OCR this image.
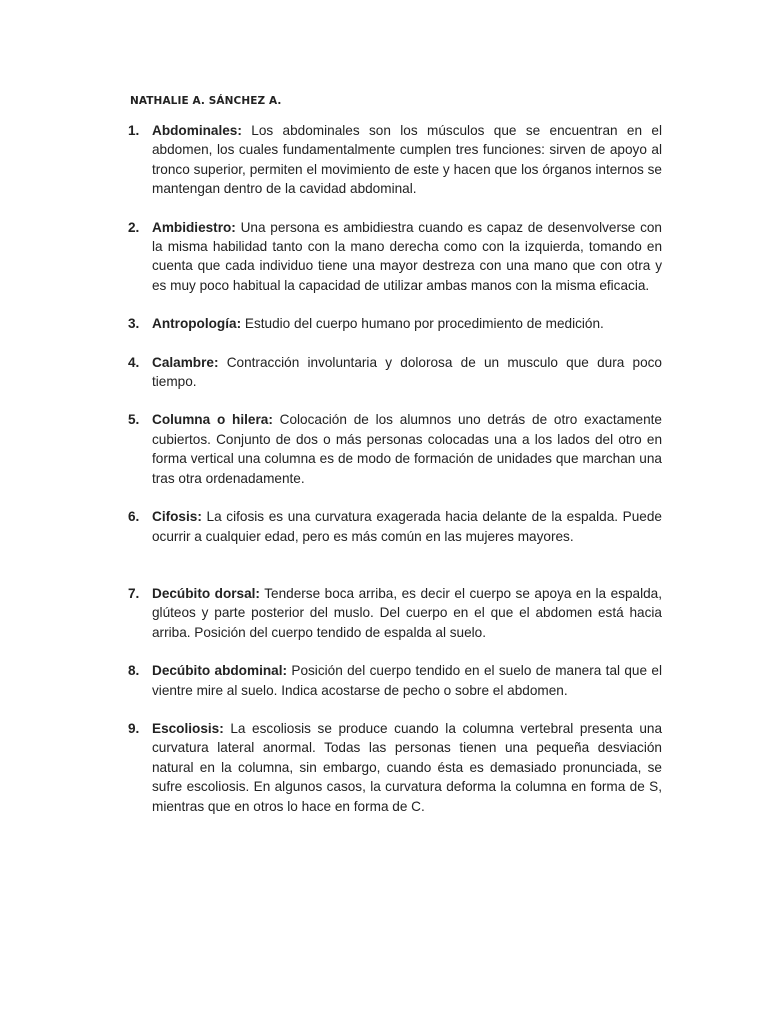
NATHALIE A. SÁNCHEZ A.
1. Abdominales: Los abdominales son los músculos que se encuentran en el abdomen, los cuales fundamentalmente cumplen tres funciones: sirven de apoyo al tronco superior, permiten el movimiento de este y hacen que los órganos internos se mantengan dentro de la cavidad abdominal.
2. Ambidiestro: Una persona es ambidiestra cuando es capaz de desenvolverse con la misma habilidad tanto con la mano derecha como con la izquierda, tomando en cuenta que cada individuo tiene una mayor destreza con una mano que con otra y es muy poco habitual la capacidad de utilizar ambas manos con la misma eficacia.
3. Antropología: Estudio del cuerpo humano por procedimiento de medición.
4. Calambre: Contracción involuntaria y dolorosa de un musculo que dura poco tiempo.
5. Columna o hilera: Colocación de los alumnos uno detrás de otro exactamente cubiertos. Conjunto de dos o más personas colocadas una a los lados del otro en forma vertical una columna es de modo de formación de unidades que marchan una tras otra ordenadamente.
6. Cifosis: La cifosis es una curvatura exagerada hacia delante de la espalda. Puede ocurrir a cualquier edad, pero es más común en las mujeres mayores.
7. Decúbito dorsal: Tenderse boca arriba, es decir el cuerpo se apoya en la espalda, glúteos y parte posterior del muslo. Del cuerpo en el que el abdomen está hacia arriba. Posición del cuerpo tendido de espalda al suelo.
8. Decúbito abdominal: Posición del cuerpo tendido en el suelo de manera tal que el vientre mire al suelo. Indica acostarse de pecho o sobre el abdomen.
9. Escoliosis: La escoliosis se produce cuando la columna vertebral presenta una curvatura lateral anormal. Todas las personas tienen una pequeña desviación natural en la columna, sin embargo, cuando ésta es demasiado pronunciada, se sufre escoliosis. En algunos casos, la curvatura deforma la columna en forma de S, mientras que en otros lo hace en forma de C.
